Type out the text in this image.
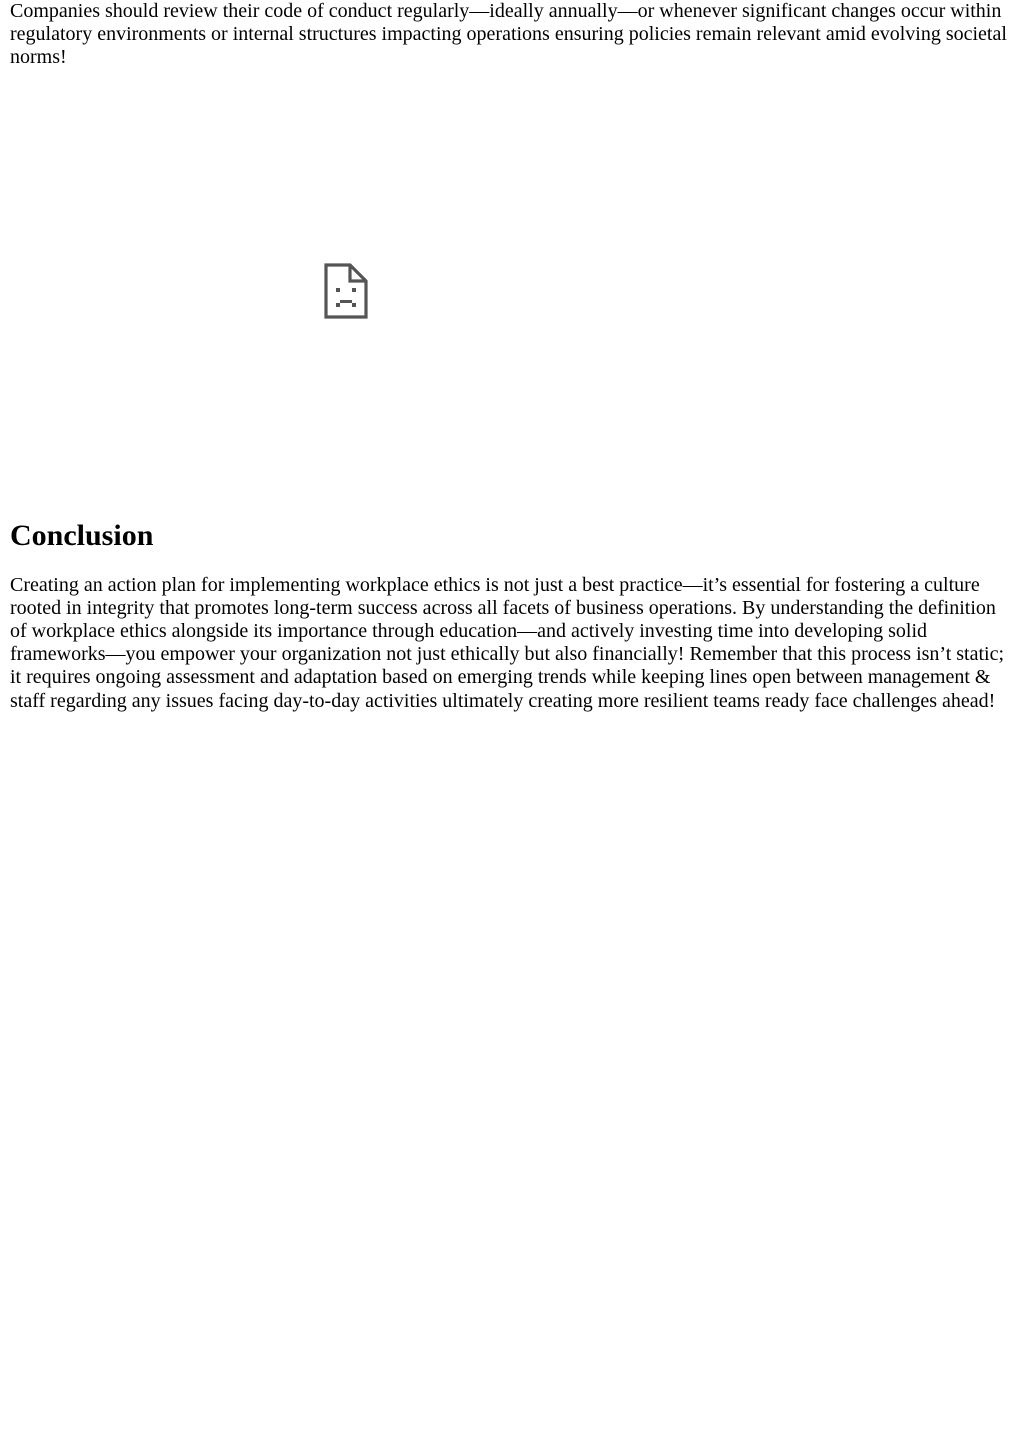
Companies should review their code of conduct regularly—ideally annually—or whenever significant changes occur within regulatory environments or internal structures impacting operations ensuring policies remain relevant amid evolving societal norms!

Conclusion

Creating an action plan for implementing workplace ethics is not just a best practice—it’s essential for fostering a culture rooted in integrity that promotes long-term success across all facets of business operations. By understanding the definition of workplace ethics alongside its importance through education—and actively investing time into developing solid frameworks—you empower your organization not just ethically but also financially! Remember that this process isn’t static; it requires ongoing assessment and adaptation based on emerging trends while keeping lines open between management & staff regarding any issues facing day-to-day activities ultimately creating more resilient teams ready face challenges ahead!
